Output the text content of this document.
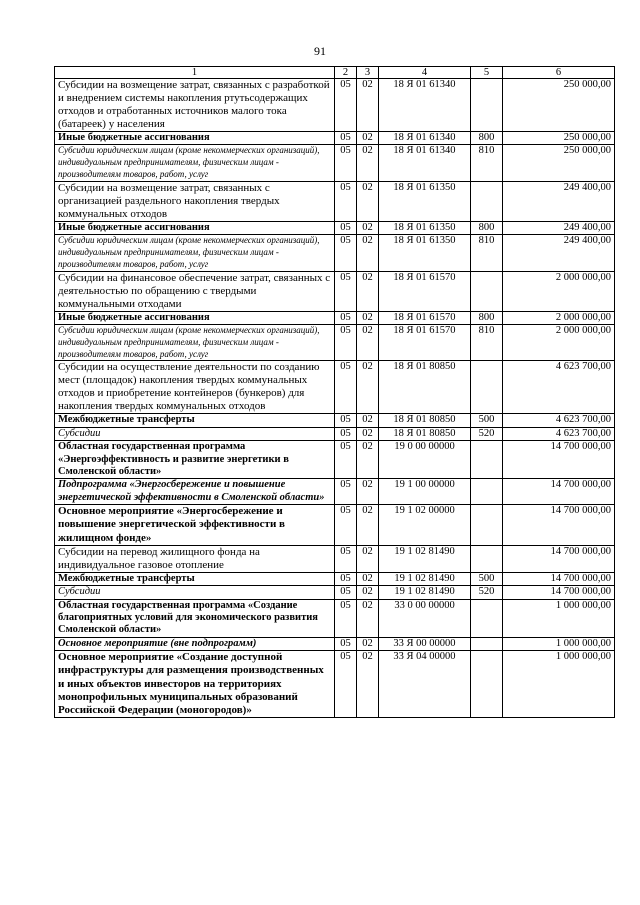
91
1	2	3	4	5	6
Субсидии на возмещение затрат, связанных с разработкой и внедрением системы накопления ртутьсодержащих отходов и отработанных источников малого тока (батареек) у населения	05	02	18 Я 01 61340		250 000,00
Иные бюджетные ассигнования	05	02	18 Я 01 61340	800	250 000,00
Субсидии юридическим лицам (кроме некоммерческих организаций), индивидуальным предпринимателям, физическим лицам - производителям товаров, работ, услуг	05	02	18 Я 01 61340	810	250 000,00
Субсидии на возмещение затрат, связанных с организацией раздельного накопления твердых коммунальных отходов	05	02	18 Я 01 61350		249 400,00
Иные бюджетные ассигнования	05	02	18 Я 01 61350	800	249 400,00
Субсидии юридическим лицам (кроме некоммерческих организаций), индивидуальным предпринимателям, физическим лицам - производителям товаров, работ, услуг	05	02	18 Я 01 61350	810	249 400,00
Субсидии на финансовое обеспечение затрат, связанных с деятельностью по обращению с твердыми коммунальными отходами	05	02	18 Я 01 61570		2 000 000,00
Иные бюджетные ассигнования	05	02	18 Я 01 61570	800	2 000 000,00
Субсидии юридическим лицам (кроме некоммерческих организаций), индивидуальным предпринимателям, физическим лицам - производителям товаров, работ, услуг	05	02	18 Я 01 61570	810	2 000 000,00
Субсидии на осуществление деятельности по созданию мест (площадок) накопления твердых коммунальных отходов и приобретение контейнеров (бункеров) для накопления твердых коммунальных отходов	05	02	18 Я 01 80850		4 623 700,00
Межбюджетные трансферты	05	02	18 Я 01 80850	500	4 623 700,00
Субсидии	05	02	18 Я 01 80850	520	4 623 700,00
Областная государственная программа «Энергоэффективность и развитие энергетики в Смоленской области»	05	02	19 0 00 00000		14 700 000,00
Подпрограмма «Энергосбережение и повышение энергетической эффективности в Смоленской области»	05	02	19 1 00 00000		14 700 000,00
Основное мероприятие «Энергосбережение и повышение энергетической эффективности в жилищном фонде»	05	02	19 1 02 00000		14 700 000,00
Субсидии на перевод жилищного фонда на индивидуальное газовое отопление	05	02	19 1 02 81490		14 700 000,00
Межбюджетные трансферты	05	02	19 1 02 81490	500	14 700 000,00
Субсидии	05	02	19 1 02 81490	520	14 700 000,00
Областная государственная программа «Создание благоприятных условий для экономического развития Смоленской области»	05	02	33 0 00 00000		1 000 000,00
Основное мероприятие (вне подпрограмм)	05	02	33 Я 00 00000		1 000 000,00
Основное мероприятие «Создание доступной инфраструктуры для размещения производственных и иных объектов инвесторов на территориях монопрофильных муниципальных образований Российской Федерации (моногородов)»	05	02	33 Я 04 00000		1 000 000,00
